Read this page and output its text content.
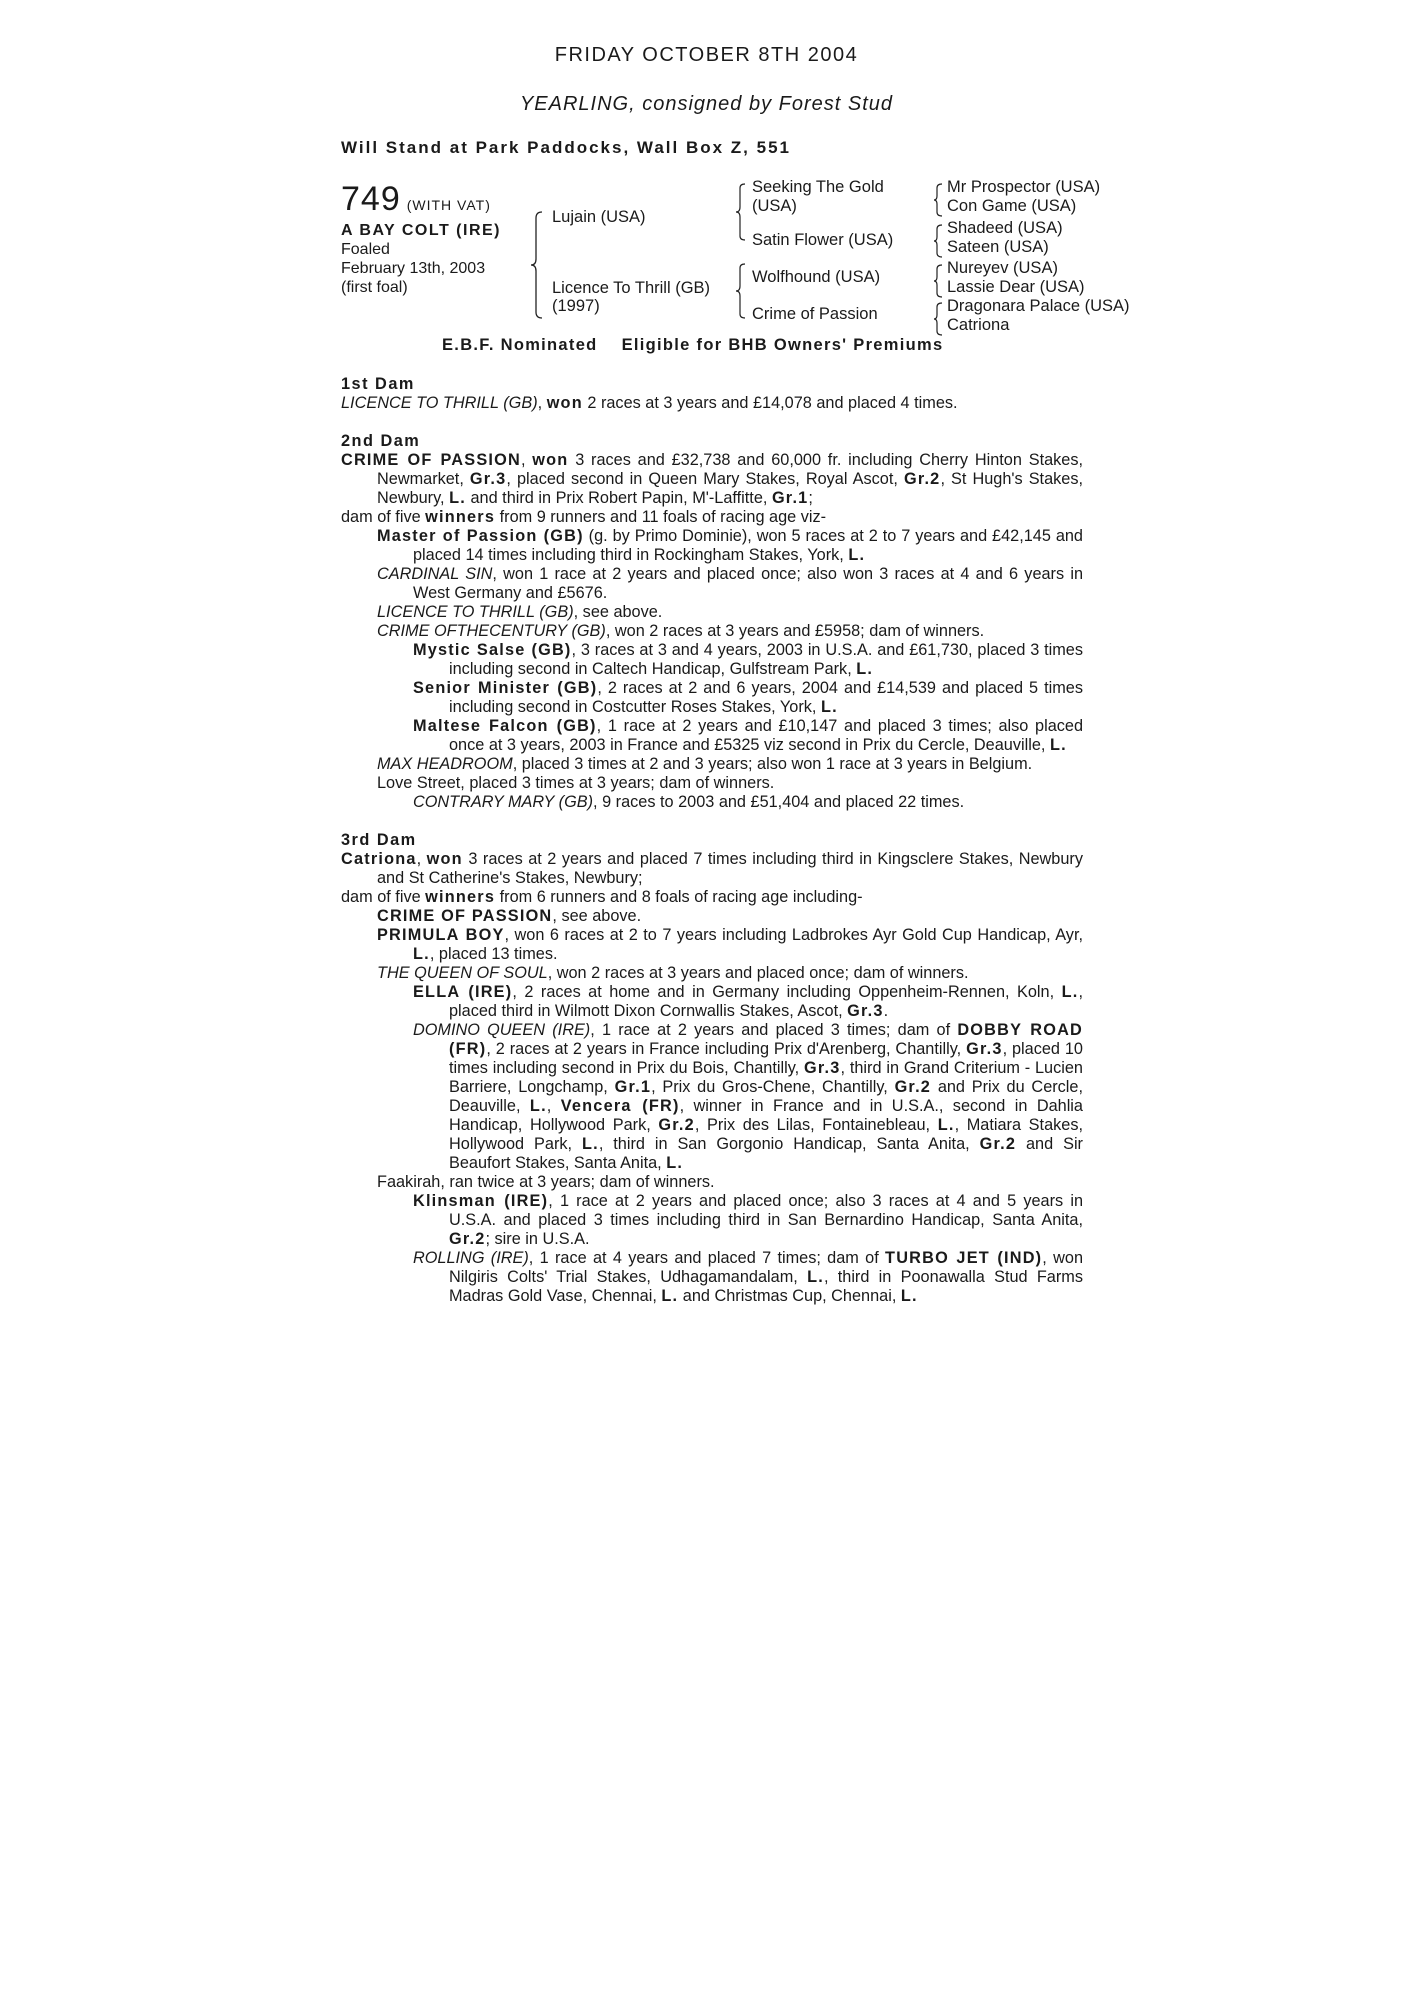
FRIDAY OCTOBER 8TH 2004
YEARLING, consigned by Forest Stud
Will Stand at Park Paddocks, Wall Box Z, 551
749 (WITH VAT)
A BAY COLT (IRE)
Foaled
February 13th, 2003
(first foal)
Lujain (USA)
Licence To Thrill (GB)
(1997)
Seeking The Gold
(USA)
Satin Flower (USA)
Wolfhound (USA)
Crime of Passion
Mr Prospector (USA)
Con Game (USA)
Shadeed (USA)
Sateen (USA)
Nureyev (USA)
Lassie Dear (USA)
Dragonara Palace (USA)
Catriona
E.B.F. Nominated Eligible for BHB Owners' Premiums
1st Dam
LICENCE TO THRILL (GB), won 2 races at 3 years and £14,078 and placed 4 times.
2nd Dam
CRIME OF PASSION, won 3 races and £32,738 and 60,000 fr. including Cherry Hinton Stakes, Newmarket, Gr.3, placed second in Queen Mary Stakes, Royal Ascot, Gr.2, St Hugh's Stakes, Newbury, L. and third in Prix Robert Papin, M'-Laffitte, Gr.1;
dam of five winners from 9 runners and 11 foals of racing age viz-
Master of Passion (GB) (g. by Primo Dominie), won 5 races at 2 to 7 years and £42,145 and placed 14 times including third in Rockingham Stakes, York, L.
CARDINAL SIN, won 1 race at 2 years and placed once; also won 3 races at 4 and 6 years in West Germany and £5676.
LICENCE TO THRILL (GB), see above.
CRIME OFTHECENTURY (GB), won 2 races at 3 years and £5958; dam of winners.
Mystic Salse (GB), 3 races at 3 and 4 years, 2003 in U.S.A. and £61,730, placed 3 times including second in Caltech Handicap, Gulfstream Park, L.
Senior Minister (GB), 2 races at 2 and 6 years, 2004 and £14,539 and placed 5 times including second in Costcutter Roses Stakes, York, L.
Maltese Falcon (GB), 1 race at 2 years and £10,147 and placed 3 times; also placed once at 3 years, 2003 in France and £5325 viz second in Prix du Cercle, Deauville, L.
MAX HEADROOM, placed 3 times at 2 and 3 years; also won 1 race at 3 years in Belgium.
Love Street, placed 3 times at 3 years; dam of winners.
CONTRARY MARY (GB), 9 races to 2003 and £51,404 and placed 22 times.
3rd Dam
Catriona, won 3 races at 2 years and placed 7 times including third in Kingsclere Stakes, Newbury and St Catherine's Stakes, Newbury;
dam of five winners from 6 runners and 8 foals of racing age including-
CRIME OF PASSION, see above.
PRIMULA BOY, won 6 races at 2 to 7 years including Ladbrokes Ayr Gold Cup Handicap, Ayr, L., placed 13 times.
THE QUEEN OF SOUL, won 2 races at 3 years and placed once; dam of winners.
ELLA (IRE), 2 races at home and in Germany including Oppenheim-Rennen, Koln, L., placed third in Wilmott Dixon Cornwallis Stakes, Ascot, Gr.3.
DOMINO QUEEN (IRE), 1 race at 2 years and placed 3 times; dam of DOBBY ROAD (FR), 2 races at 2 years in France including Prix d'Arenberg, Chantilly, Gr.3, placed 10 times including second in Prix du Bois, Chantilly, Gr.3, third in Grand Criterium - Lucien Barriere, Longchamp, Gr.1, Prix du Gros-Chene, Chantilly, Gr.2 and Prix du Cercle, Deauville, L., Vencera (FR), winner in France and in U.S.A., second in Dahlia Handicap, Hollywood Park, Gr.2, Prix des Lilas, Fontainebleau, L., Matiara Stakes, Hollywood Park, L., third in San Gorgonio Handicap, Santa Anita, Gr.2 and Sir Beaufort Stakes, Santa Anita, L.
Faakirah, ran twice at 3 years; dam of winners.
Klinsman (IRE), 1 race at 2 years and placed once; also 3 races at 4 and 5 years in U.S.A. and placed 3 times including third in San Bernardino Handicap, Santa Anita, Gr.2; sire in U.S.A.
ROLLING (IRE), 1 race at 4 years and placed 7 times; dam of TURBO JET (IND), won Nilgiris Colts' Trial Stakes, Udhagamandalam, L., third in Poonawalla Stud Farms Madras Gold Vase, Chennai, L. and Christmas Cup, Chennai, L.
